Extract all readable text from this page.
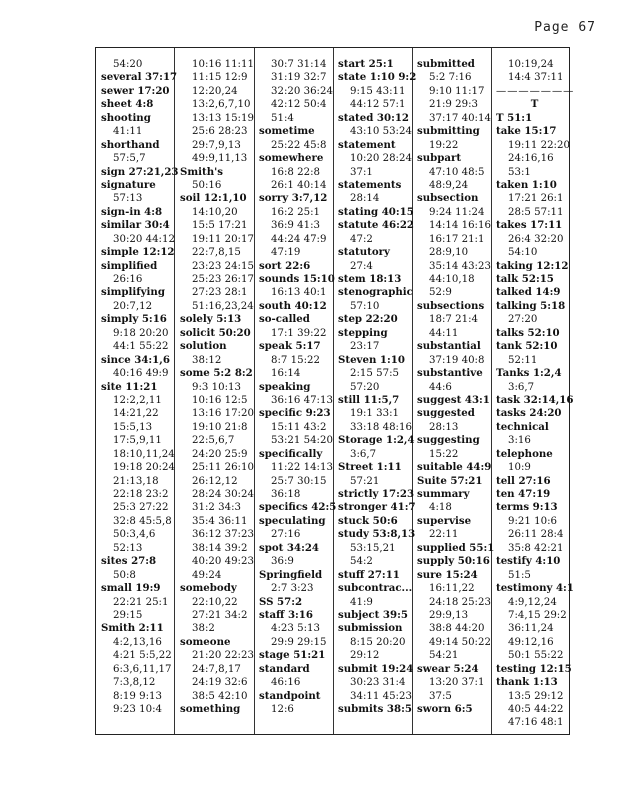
Page 67
54:20
several 37:17
sewer 17:20
sheet 4:8
shooting
41:11
shorthand
57:5,7
sign 27:21,23
signature
57:13
sign-in 4:8
similar 30:4
30:20 44:12
simple 12:12
simplified
26:16
simplifying
20:7,12
simply 5:16
9:18 20:20
44:1 55:22
since 34:1,6
40:16 49:9
site 11:21
12:2,2,11
14:21,22
15:5,13
17:5,9,11
18:10,11,24
19:18 20:24
21:13,18
22:18 23:2
25:3 27:22
32:8 45:5,8
50:3,4,6
52:13
sites 27:8
50:8
small 19:9
22:21 25:1
29:15
Smith 2:11
4:2,13,16
4:21 5:5,22
6:3,6,11,17
7:3,8,12
8:19 9:13
9:23 10:4
10:16 11:11
11:15 12:9
12:20,24
13:2,6,7,10
13:13 15:19
25:6 28:23
29:7,9,13
49:9,11,13
Smith's
50:16
soil 12:1,10
14:10,20
15:5 17:21
19:11 20:17
22:7,8,15
23:23 24:15
25:23 26:17
27:23 28:1
51:16,23,24
solely 5:13
solicit 50:20
solution
38:12
some 5:2 8:2
9:3 10:13
10:16 12:5
13:16 17:20
19:10 21:8
22:5,6,7
24:20 25:9
25:11 26:10
26:12,12
28:24 30:24
31:2 34:3
35:4 36:11
36:12 37:23
38:14 39:2
40:20 49:23
49:24
somebody
22:10,22
27:21 34:2
38:2
someone
21:20 22:23
24:7,8,17
24:19 32:6
38:5 42:10
something
30:7 31:14
31:19 32:7
32:20 36:24
42:12 50:4
51:4
sometime
25:22 45:8
somewhere
16:8 22:8
26:1 40:14
sorry 3:7,12
16:2 25:1
36:9 41:3
44:24 47:9
47:19
sort 22:6
sounds 15:10
16:13 40:1
south 40:12
so-called
17:1 39:22
speak 5:17
8:7 15:22
16:14
speaking
36:16 47:13
specific 9:23
15:11 43:2
53:21 54:20
specifically
11:22 14:13
25:7 30:15
36:18
specifics 42:5
speculating
27:16
spot 34:24
36:9
Springfield
2:7 3:23
SS 57:2
staff 3:16
4:23 5:13
29:9 29:15
stage 51:21
standard
46:16
standpoint
12:6
start 25:1
state 1:10 9:2
9:15 43:11
44:12 57:1
stated 30:12
43:10 53:24
statement
10:20 28:24
37:1
statements
28:14
stating 40:15
statute 46:22
47:2
statutory
27:4
stem 18:13
stenographic
57:10
step 22:20
stepping
23:17
Steven 1:10
2:15 57:5
57:20
still 11:5,7
19:1 33:1
33:18 48:16
Storage 1:2,4
3:6,7
Street 1:11
57:21
strictly 17:23
stronger 41:7
stuck 50:6
study 53:8,13
53:15,21
54:2
stuff 27:11
subcontrac...
41:9
subject 39:5
submission
8:15 20:20
29:12
submit 19:24
30:23 31:4
34:11 45:23
submits 38:5
submitted
5:2 7:16
9:10 11:17
21:9 29:3
37:17 40:14
submitting
19:22
subpart
47:10 48:5
48:9,24
subsection
9:24 11:24
14:14 16:16
16:17 21:1
28:9,10
35:14 43:23
44:10,18
52:9
subsections
18:7 21:4
44:11
substantial
37:19 40:8
substantive
44:6
suggest 43:1
suggested
28:13
suggesting
15:22
suitable 44:9
Suite 57:21
summary
4:18
supervise
22:11
supplied 55:1
supply 50:16
sure 15:24
16:11,22
24:18 25:23
29:9,13
38:8 44:20
49:14 50:22
54:21
swear 5:24
13:20 37:1
37:5
sworn 6:5
10:19,24
14:4 37:11
———————
T
T 51:1
take 15:17
19:11 22:20
24:16,16
53:1
taken 1:10
17:21 26:1
28:5 57:11
takes 17:11
26:4 32:20
54:10
taking 12:12
talk 52:15
talked 14:9
talking 5:18
27:20
talks 52:10
tank 52:10
52:11
Tanks 1:2,4
3:6,7
task 32:14,16
tasks 24:20
technical
3:16
telephone
10:9
tell 27:16
ten 47:19
terms 9:13
9:21 10:6
26:11 28:4
35:8 42:21
testify 4:10
51:5
testimony 4:1
4:9,12,24
7:4,15 29:2
36:11,24
49:12,16
50:1 55:22
testing 12:15
thank 1:13
13:5 29:12
40:5 44:22
47:16 48:1
